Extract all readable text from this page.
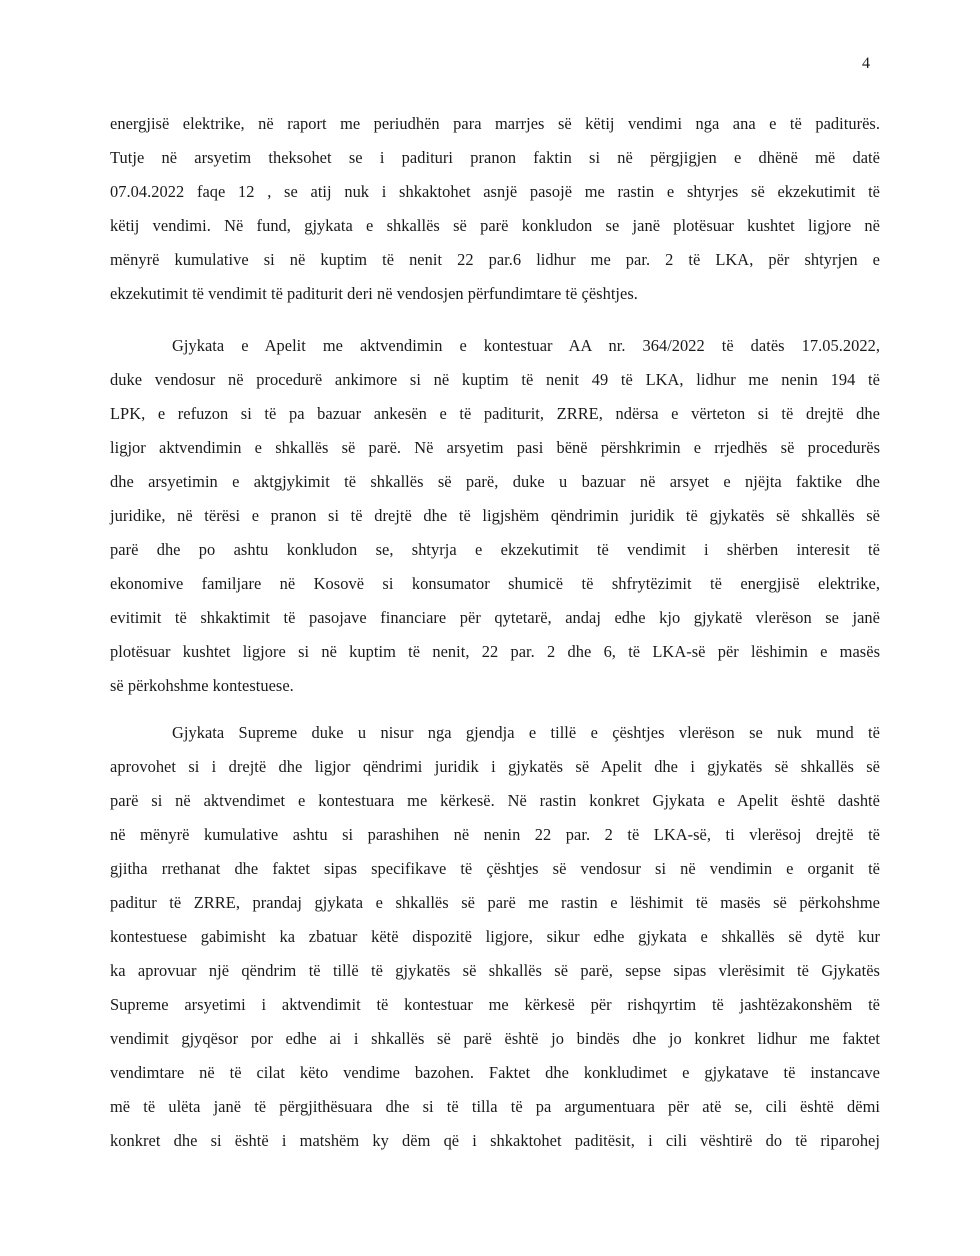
4
energjisë elektrike, në raport me periudhën para marrjes së këtij vendimi nga ana e të paditurës.
Tutje në arsyetim theksohet se i padituri pranon faktin si në përgjigjen e dhënë më datë
07.04.2022 faqe 12 , se atij nuk i shkaktohet asnjë pasojë me rastin e shtyrjes së ekzekutimit të
këtij vendimi. Në fund, gjykata e shkallës së parë konkludon se janë plotësuar kushtet ligjore në
mënyrë kumulative si në kuptim të nenit 22 par.6 lidhur me par. 2 të LKA, për shtyrjen e
ekzekutimit të vendimit të paditurit deri në vendosjen përfundimtare të çështjes.
Gjykata e Apelit me aktvendimin e kontestuar AA nr. 364/2022 të datës 17.05.2022,
duke vendosur në procedurë ankimore si në kuptim të nenit 49 të LKA, lidhur me nenin 194 të
LPK, e refuzon si të pa bazuar ankesën e të paditurit, ZRRE, ndërsa e vërteton si të drejtë dhe
ligjor aktvendimin e shkallës së parë. Në arsyetim pasi bënë përshkrimin e rrjedhës së procedurës
dhe arsyetimin e aktgjykimit të shkallës së parë, duke u bazuar në arsyet e njëjta faktike dhe
juridike, në tërësi e pranon si të drejtë dhe të ligjshëm qëndrimin juridik të gjykatës së shkallës së
parë dhe po ashtu konkludon se, shtyrja e ekzekutimit të vendimit i shërben interesit të
ekonomive familjare në Kosovë si konsumator shumicë të shfrytëzimit të energjisë elektrike,
evitimit të shkaktimit të pasojave financiare për qytetarë, andaj edhe kjo gjykatë vlerëson se janë
plotësuar kushtet ligjore si në kuptim të nenit, 22 par. 2 dhe 6, të LKA-së për lëshimin e masës
së përkohshme kontestuese.
Gjykata Supreme duke u nisur nga gjendja e tillë e çështjes vlerëson se nuk mund të
aprovohet si i drejtë dhe ligjor qëndrimi juridik i gjykatës së Apelit dhe i gjykatës së shkallës së
parë si në aktvendimet e kontestuara me kërkesë. Në rastin konkret Gjykata e Apelit është dashtë
në mënyrë kumulative ashtu si parashihen në nenin 22 par. 2 të LKA-së, ti vlerësoj drejtë të
gjitha rrethanat dhe faktet sipas specifikave të çështjes së vendosur si në vendimin e organit të
paditur të ZRRE, prandaj gjykata e shkallës së parë me rastin e lëshimit të masës së përkohshme
kontestuese gabimisht ka zbatuar këtë dispozitë ligjore, sikur edhe gjykata e shkallës së dytë kur
ka aprovuar një qëndrim të tillë të gjykatës së shkallës së parë, sepse sipas vlerësimit të Gjykatës
Supreme arsyetimi i aktvendimit të kontestuar me kërkesë për rishqyrtim të jashtëzakonshëm të
vendimit gjyqësor por edhe ai i shkallës së parë është jo bindës dhe jo konkret lidhur me faktet
vendimtare në të cilat këto vendime bazohen. Faktet dhe konkludimet e gjykatave të instancave
më të ulëta janë të përgjithësuara dhe si të tilla të pa argumentuara për atë se, cili është dëmi
konkret dhe si është i matshëm ky dëm që i shkaktohet paditësit, i cili vështirë do të riparohej
